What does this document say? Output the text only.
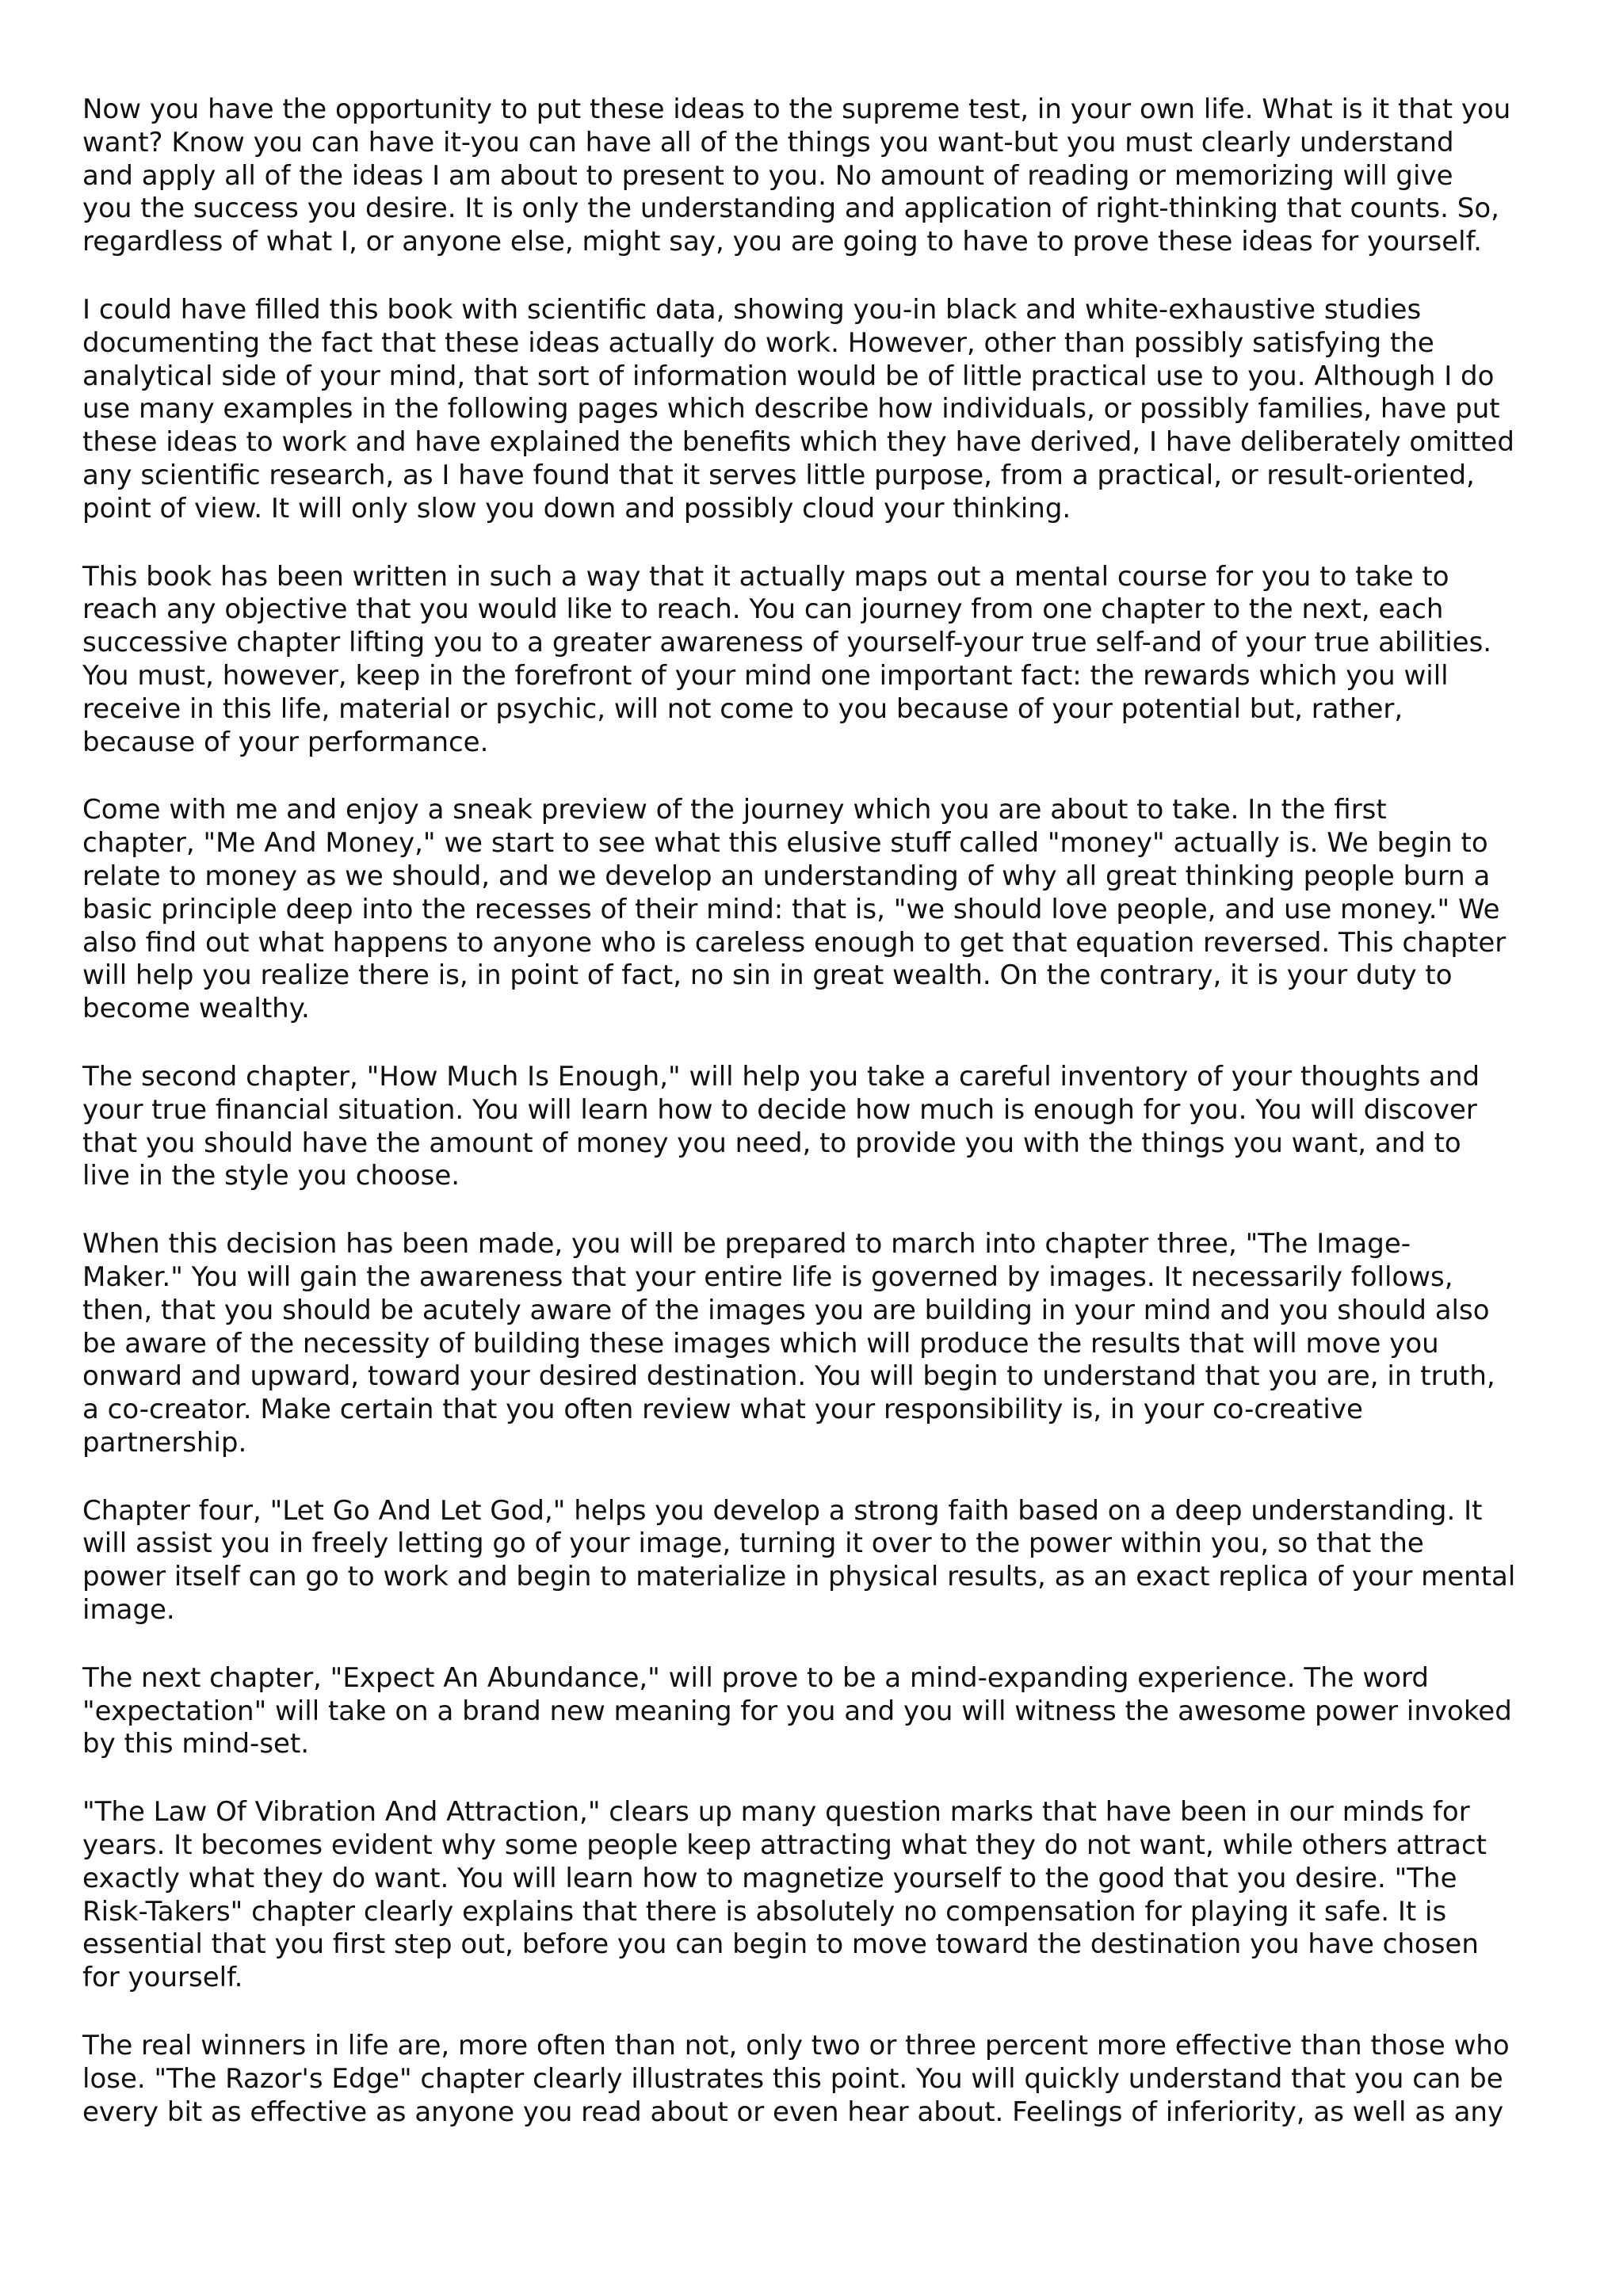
Now you have the opportunity to put these ideas to the supreme test, in your own life. What is it that you
want? Know you can have it-you can have all of the things you want-but you must clearly understand
and apply all of the ideas I am about to present to you. No amount of reading or memorizing will give
you the success you desire. It is only the understanding and application of right-thinking that counts. So,
regardless of what I, or anyone else, might say, you are going to have to prove these ideas for yourself.

I could have filled this book with scientific data, showing you-in black and white-exhaustive studies
documenting the fact that these ideas actually do work. However, other than possibly satisfying the
analytical side of your mind, that sort of information would be of little practical use to you. Although I do
use many examples in the following pages which describe how individuals, or possibly families, have put
these ideas to work and have explained the benefits which they have derived, I have deliberately omitted
any scientific research, as I have found that it serves little purpose, from a practical, or result-oriented,
point of view. It will only slow you down and possibly cloud your thinking.

This book has been written in such a way that it actually maps out a mental course for you to take to
reach any objective that you would like to reach. You can journey from one chapter to the next, each
successive chapter lifting you to a greater awareness of yourself-your true self-and of your true abilities.
You must, however, keep in the forefront of your mind one important fact: the rewards which you will
receive in this life, material or psychic, will not come to you because of your potential but, rather,
because of your performance.

Come with me and enjoy a sneak preview of the journey which you are about to take. In the first
chapter, "Me And Money," we start to see what this elusive stuff called "money" actually is. We begin to
relate to money as we should, and we develop an understanding of why all great thinking people burn a
basic principle deep into the recesses of their mind: that is, "we should love people, and use money." We
also find out what happens to anyone who is careless enough to get that equation reversed. This chapter
will help you realize there is, in point of fact, no sin in great wealth. On the contrary, it is your duty to
become wealthy.

The second chapter, "How Much Is Enough," will help you take a careful inventory of your thoughts and
your true financial situation. You will learn how to decide how much is enough for you. You will discover
that you should have the amount of money you need, to provide you with the things you want, and to
live in the style you choose.

When this decision has been made, you will be prepared to march into chapter three, "The Image-
Maker." You will gain the awareness that your entire life is governed by images. It necessarily follows,
then, that you should be acutely aware of the images you are building in your mind and you should also
be aware of the necessity of building these images which will produce the results that will move you
onward and upward, toward your desired destination. You will begin to understand that you are, in truth,
a co-creator. Make certain that you often review what your responsibility is, in your co-creative
partnership.

Chapter four, "Let Go And Let God," helps you develop a strong faith based on a deep understanding. It
will assist you in freely letting go of your image, turning it over to the power within you, so that the
power itself can go to work and begin to materialize in physical results, as an exact replica of your mental
image.

The next chapter, "Expect An Abundance," will prove to be a mind-expanding experience. The word
"expectation" will take on a brand new meaning for you and you will witness the awesome power invoked
by this mind-set.

"The Law Of Vibration And Attraction," clears up many question marks that have been in our minds for
years. It becomes evident why some people keep attracting what they do not want, while others attract
exactly what they do want. You will learn how to magnetize yourself to the good that you desire. "The
Risk-Takers" chapter clearly explains that there is absolutely no compensation for playing it safe. It is
essential that you first step out, before you can begin to move toward the destination you have chosen
for yourself.

The real winners in life are, more often than not, only two or three percent more effective than those who
lose. "The Razor's Edge" chapter clearly illustrates this point. You will quickly understand that you can be
every bit as effective as anyone you read about or even hear about. Feelings of inferiority, as well as any
